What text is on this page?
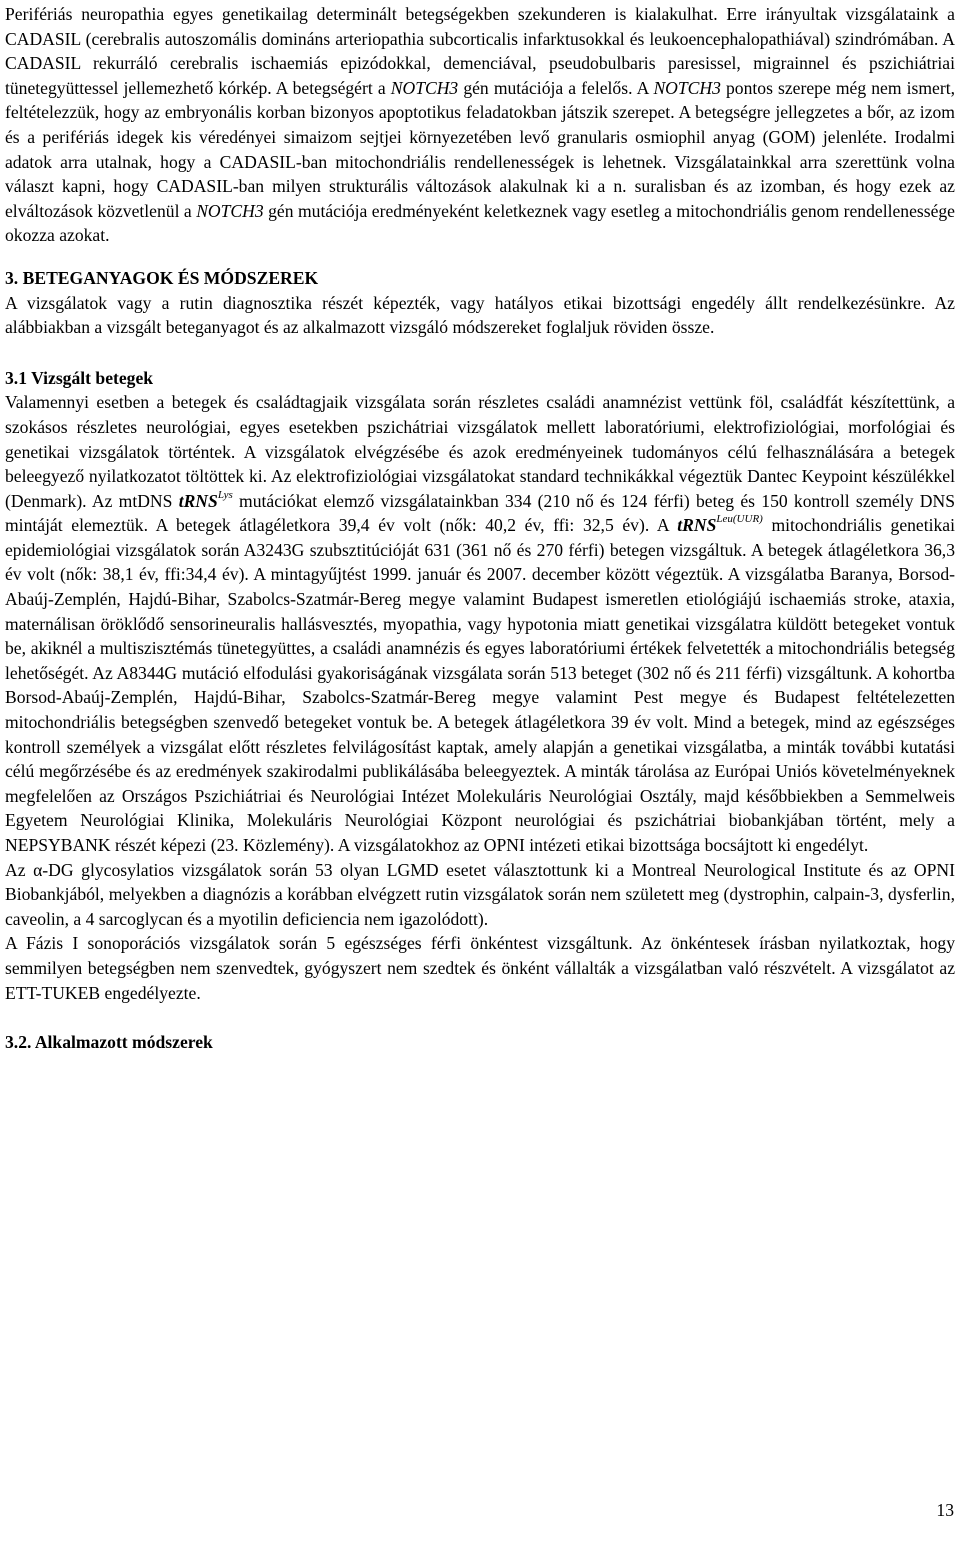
Perifériás neuropathia egyes genetikailag determinált betegségekben szekunderen is kialakulhat. Erre irányultak vizsgálataink a CADASIL (cerebralis autoszomális domináns arteriopathia subcorticalis infarktusokkal és leukoencephalopathiával) szindrómában. A CADASIL rekurráló cerebralis ischaemiás epizódokkal, demenciával, pseudobulbaris paresissel, migrainnel és pszichiátriai tünetegyüttessel jellemezhető kórkép. A betegségért a NOTCH3 gén mutációja a felelős. A NOTCH3 pontos szerepe még nem ismert, feltételezzük, hogy az embryonális korban bizonyos apoptotikus feladatokban játszik szerepet. A betegségre jellegzetes a bőr, az izom és a perifériás idegek kis véredényei simaizom sejtjei környezetében levő granularis osmiophil anyag (GOM) jelenléte. Irodalmi adatok arra utalnak, hogy a CADASIL-ban mitochondriális rendellenességek is lehetnek. Vizsgálatainkkal arra szerettünk volna választ kapni, hogy CADASIL-ban milyen strukturális változások alakulnak ki a n. suralisban és az izomban, és hogy ezek az elváltozások közvetlenül a NOTCH3 gén mutációja eredményeként keletkeznek vagy esetleg a mitochondriális genom rendellenessége okozza azokat.

3. BETEGANYAGOK ÉS MÓDSZEREK

A vizsgálatok vagy a rutin diagnosztika részét képezték, vagy hatályos etikai bizottsági engedély állt rendelkezésünkre. Az alábbiakban a vizsgált beteganyagot és az alkalmazott vizsgáló módszereket foglaljuk röviden össze.

3.1 Vizsgált betegek

Valamennyi esetben a betegek és családtagjaik vizsgálata során részletes családi anamnézist vettünk föl, családfát készítettünk, a szokásos részletes neurológiai, egyes esetekben pszichátriai vizsgálatok mellett laboratóriumi, elektrofiziológiai, morfológiai és genetikai vizsgálatok történtek. A vizsgálatok elvégzésébe és azok eredményeinek tudományos célú felhasználására a betegek beleegyező nyilatkozatot töltöttek ki. Az elektrofiziológiai vizsgálatokat standard technikákkal végeztük Dantec Keypoint készülékkel (Denmark). Az mtDNS tRNS$^{Lys}$ mutációkat elemző vizsgálatainkban 334 (210 nő és 124 férfi) beteg és 150 kontroll személy DNS mintáját elemeztük. A betegek átlagéletkora 39,4 év volt (nők: 40,2 év, ffi: 32,5 év). A tRNS$^{Leu(UUR)}$ mitochondriális genetikai epidemiológiai vizsgálatok során A3243G szubsztitúcióját 631 (361 nő és 270 férfi) betegen vizsgáltuk. A betegek átlagéletkora 36,3 év volt (nők: 38,1 év, ffi:34,4 év). A mintagyűjtést 1999. január és 2007. december között végeztük. A vizsgálatba Baranya, Borsod-Abaúj-Zemplén, Hajdú-Bihar, Szabolcs-Szatmár-Bereg megye valamint Budapest ismeretlen etiológiájú ischaemiás stroke, ataxia, maternálisan öröklődő sensorineuralis hallásvesztés, myopathia, vagy hypotonia miatt genetikai vizsgálatra küldött betegeket vontuk be, akiknél a multiszisztémás tünetegyüttes, a családi anamnézis és egyes laboratóriumi értékek felvetették a mitochondriális betegség lehetőségét. Az A8344G mutáció elfodulási gyakoriságának vizsgálata során 513 beteget (302 nő és 211 férfi) vizsgáltunk. A kohortba Borsod-Abaúj-Zemplén, Hajdú-Bihar, Szabolcs-Szatmár-Bereg megye valamint Pest megye és Budapest feltételezetten mitochondriális betegségben szenvedő betegeket vontuk be. A betegek átlagéletkora 39 év volt. Mind a betegek, mind az egészséges kontroll személyek a vizsgálat előtt részletes felvilágosítást kaptak, amely alapján a genetikai vizsgálatba, a minták további kutatási célú megőrzésébe és az eredmények szakirodalmi publikálásába beleegyeztek. A minták tárolása az Európai Uniós követelményeknek megfelelően az Országos Pszichiátriai és Neurológiai Intézet Molekuláris Neurológiai Osztály, majd későbbiekben a Semmelweis Egyetem Neurológiai Klinika, Molekuláris Neurológiai Központ neurológiai és pszichátriai biobankjában történt, mely a NEPSYBANK részét képezi (23. Közlemény). A vizsgálatokhoz az OPNI intézeti etikai bizottsága bocsájtott ki engedélyt.

Az α-DG glycosylatios vizsgálatok során 53 olyan LGMD esetet választottunk ki a Montreal Neurological Institute és az OPNI Biobankjából, melyekben a diagnózis a korábban elvégzett rutin vizsgálatok során nem született meg (dystrophin, calpain-3, dysferlin, caveolin, a 4 sarcoglycan és a myotilin deficiencia nem igazolódott).

A Fázis I sonoporációs vizsgálatok során 5 egészséges férfi önkéntest vizsgáltunk. Az önkéntesek írásban nyilatkoztak, hogy semmilyen betegségben nem szenvedtek, gyógyszert nem szedtek és önként vállalták a vizsgálatban való részvételt. A vizsgálatot az ETT-TUKEB engedélyezte.

3.2. Alkalmazott módszerek
13
